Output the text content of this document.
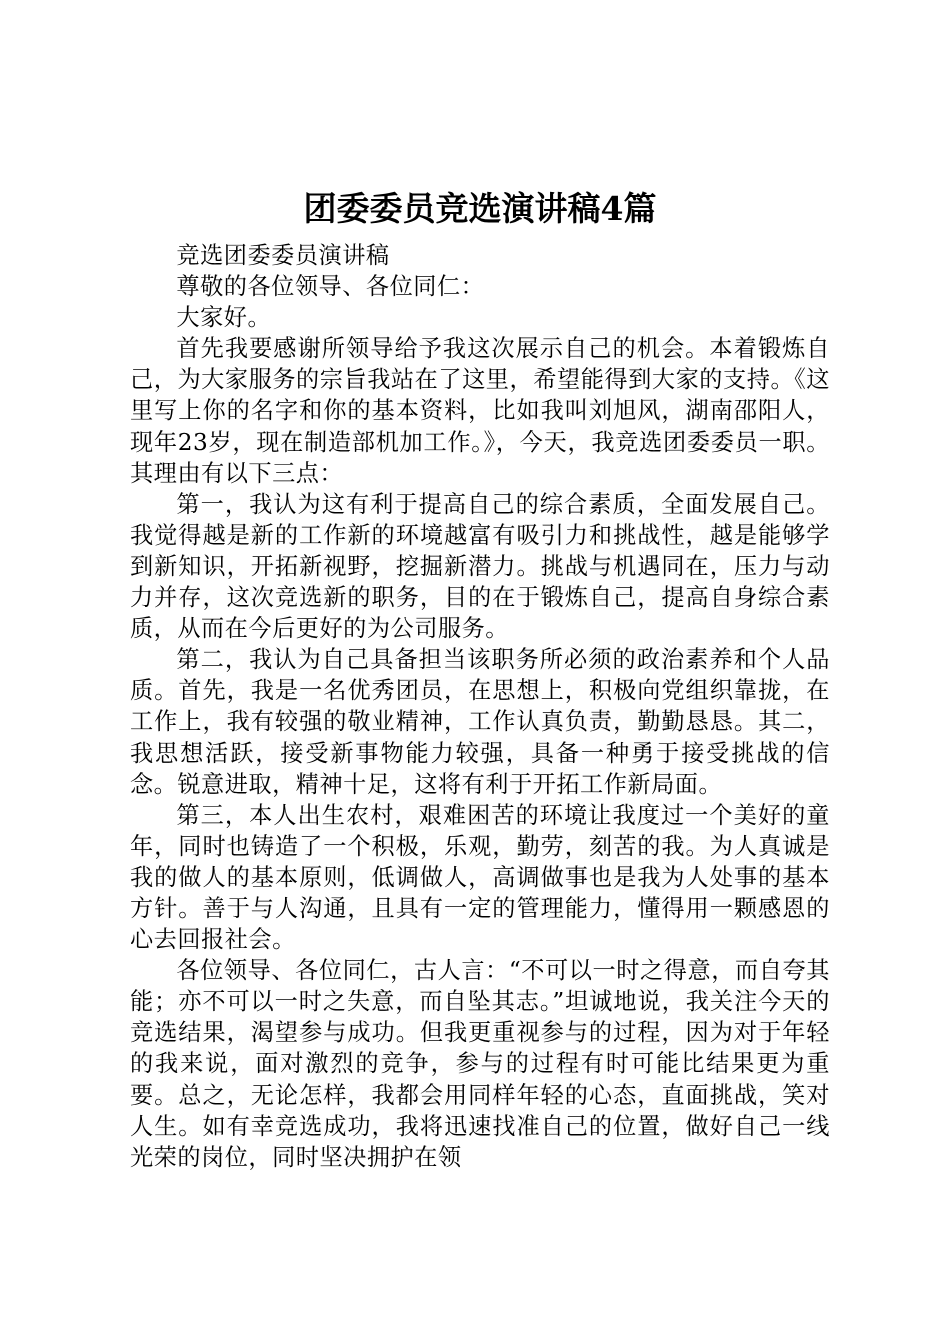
团委委员竞选演讲稿4篇

竞选团委委员演讲稿

尊敬的各位领导、各位同仁：

大家好。

首先我要感谢所领导给予我这次展示自己的机会。本着锻炼自己，为大家服务的宗旨我站在了这里，希望能得到大家的支持。《这里写上你的名字和你的基本资料，比如我叫刘旭风，湖南邵阳人，现年23岁，现在制造部机加工作。》，今天，我竞选团委委员一职。其理由有以下三点：

第一，我认为这有利于提高自己的综合素质，全面发展自己。我觉得越是新的工作新的环境越富有吸引力和挑战性，越是能够学到新知识，开拓新视野，挖掘新潜力。挑战与机遇同在，压力与动力并存，这次竞选新的职务，目的在于锻炼自己，提高自身综合素质，从而在今后更好的为公司服务。

第二，我认为自己具备担当该职务所必须的政治素养和个人品质。首先，我是一名优秀团员，在思想上，积极向党组织靠拢，在工作上，我有较强的敬业精神，工作认真负责，勤勤恳恳。其二，我思想活跃，接受新事物能力较强，具备一种勇于接受挑战的信念。锐意进取，精神十足，这将有利于开拓工作新局面。

第三，本人出生农村，艰难困苦的环境让我度过一个美好的童年，同时也铸造了一个积极，乐观，勤劳，刻苦的我。为人真诚是我的做人的基本原则，低调做人，高调做事也是我为人处事的基本方针。善于与人沟通，且具有一定的管理能力，懂得用一颗感恩的心去回报社会。

各位领导、各位同仁，古人言：“不可以一时之得意，而自夸其能；亦不可以一时之失意，而自坠其志。”坦诚地说，我关注今天的竞选结果，渴望参与成功。但我更重视参与的过程，因为对于年轻的我来说，面对激烈的竞争，参与的过程有时可能比结果更为重要。总之，无论怎样，我都会用同样年轻的心态，直面挑战，笑对人生。如有幸竞选成功，我将迅速找准自己的位置，做好自己一线光荣的岗位，同时坚决拥护在领
